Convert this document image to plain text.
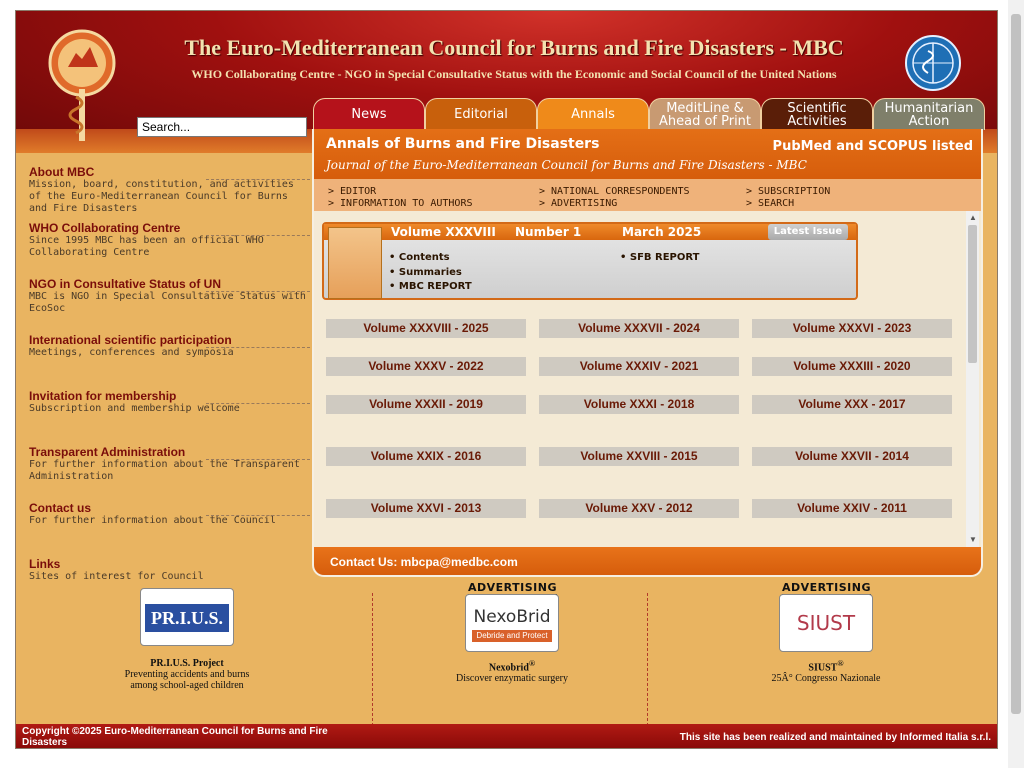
The Euro-Mediterranean Council for Burns and Fire Disasters - MBC
WHO Collaborating Centre - NGO in Special Consultative Status with the Economic and Social Council of the United Nations
Search...
News	Editorial	Annals	MeditLine & Ahead of Print
Scientific Activities
Humanitarian Action
About MBC
Mission, board, constitution, and activities of the Euro-Mediterranean Council for Burns and Fire Disasters
WHO Collaborating Centre
Since 1995 MBC has been an official WHO Collaborating Centre
NGO in Consultative Status of UN
MBC is NGO in Special Consultative Status with EcoSoc
International scientific participation
Meetings, conferences and symposia
Invitation for membership
Subscription and membership welcome
Transparent Administration
For further information about the Transparent Administration
Contact us
For further information about the Council
Links
Sites of interest for Council
Annals of Burns and Fire Disasters
Journal of the Euro-Mediterranean Council for Burns and Fire Disasters - MBC
PubMed and SCOPUS listed
> EDITOR
> INFORMATION TO AUTHORS
> NATIONAL CORRESPONDENTS
> ADVERTISING
> SUBSCRIPTION
> SEARCH
Volume XXXVIII Number 1	March 2025	Latest Issue
• Contents
• Summaries
• MBC REPORT
• SFB REPORT
Volume XXXVIII - 2025	Volume XXXVII - 2024	Volume XXXVI - 2023
Volume XXXV - 2022	Volume XXXIV - 2021	Volume XXXIII - 2020
Volume XXXII - 2019	Volume XXXI - 2018	Volume XXX - 2017
Volume XXIX - 2016	Volume XXVIII - 2015	Volume XXVII - 2014
Volume XXVI - 2013	Volume XXV - 2012	Volume XXIV - 2011
▲
▼
Contact Us: mbcpa@medbc.com
PR.I.U.S.
PR.I.U.S. Project
Preventing accidents and burns among school-aged children
ADVERTISING
NexoBrid
Debride and Protect
Nexobrid®
Discover enzymatic surgery
ADVERTISING
SIUST
SIUST®
25Â° Congresso Nazionale
Copyright ©2025 Euro-Mediterranean Council for Burns and Fire Disasters	This site has been realized and maintained by Informed Italia s.r.l.
